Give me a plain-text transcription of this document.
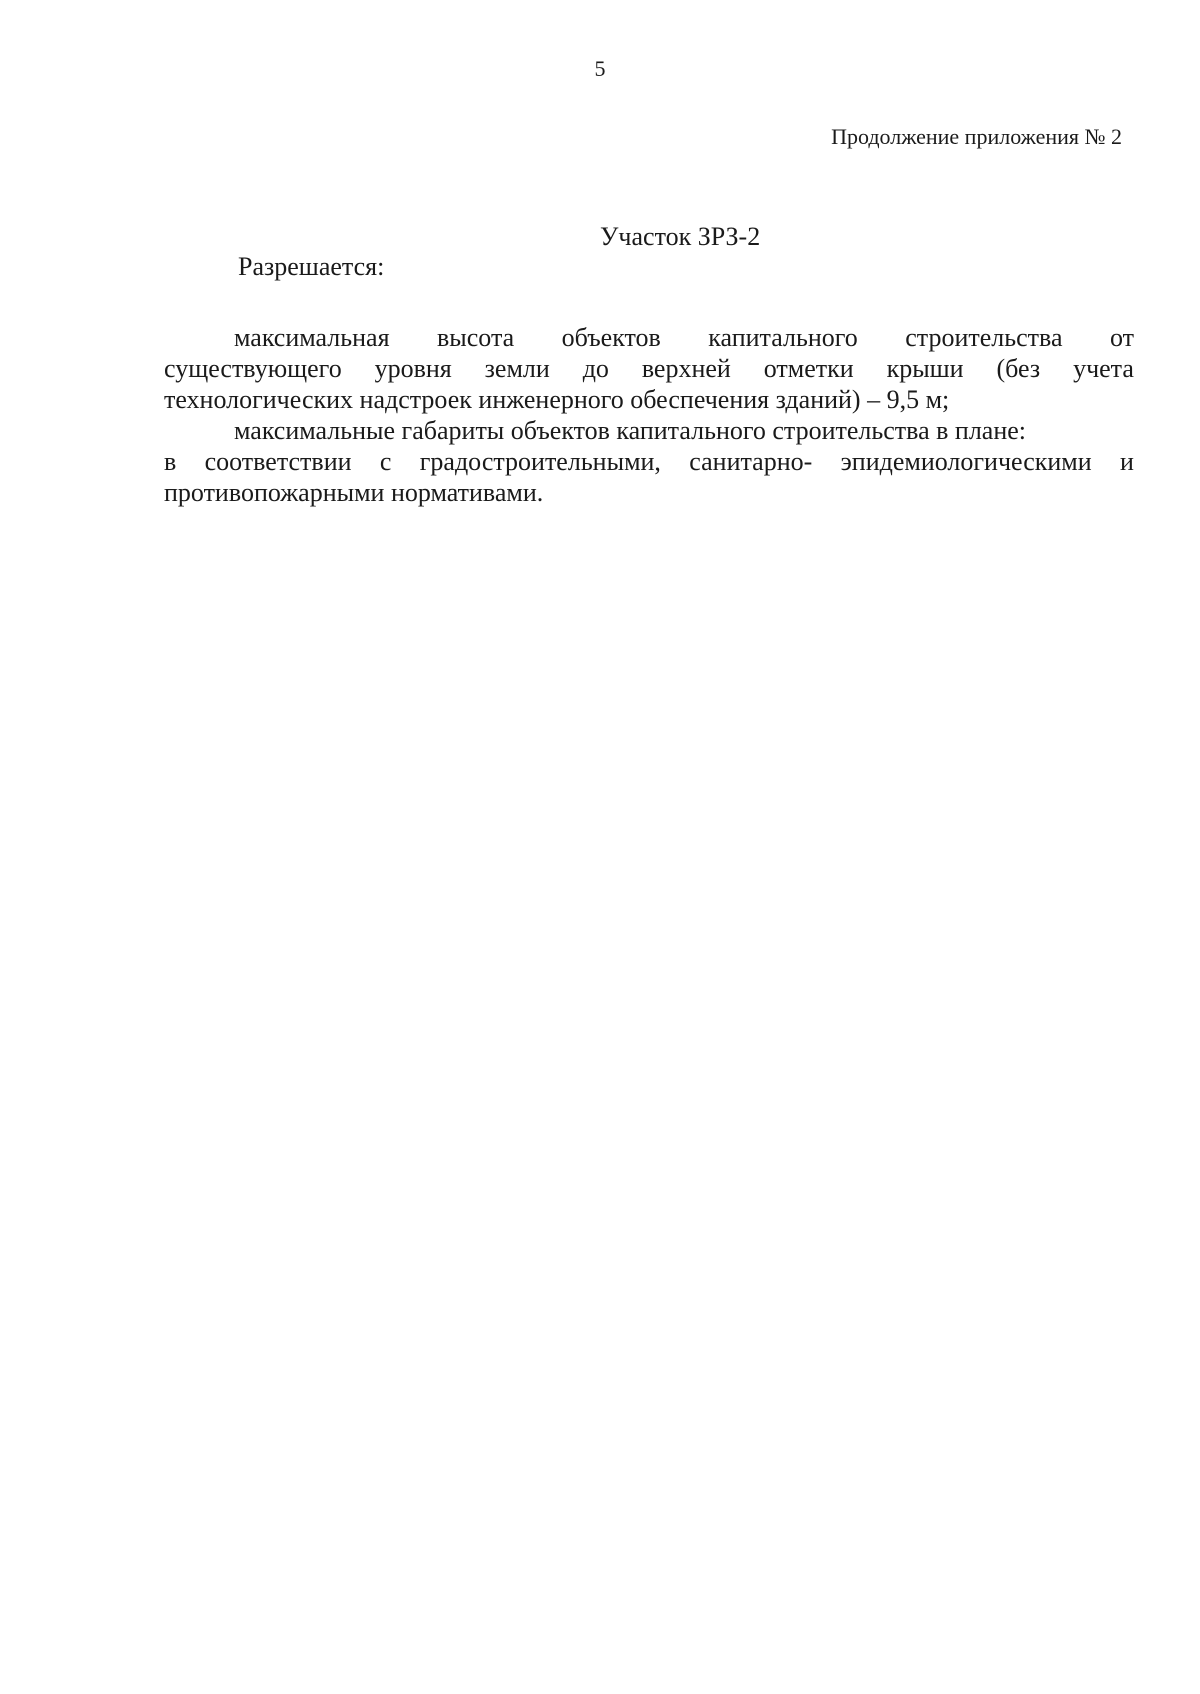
5
Продолжение приложения № 2
Участок ЗРЗ-2
Разрешается:
максимальная высота объектов капитального строительства от
существующего уровня земли до верхней отметки крыши (без учета
технологических надстроек инженерного обеспечения зданий) – 9,5 м;
максимальные габариты объектов капитального строительства в плане:
в соответствии с градостроительными, санитарно- эпидемиологическими и
противопожарными нормативами.
